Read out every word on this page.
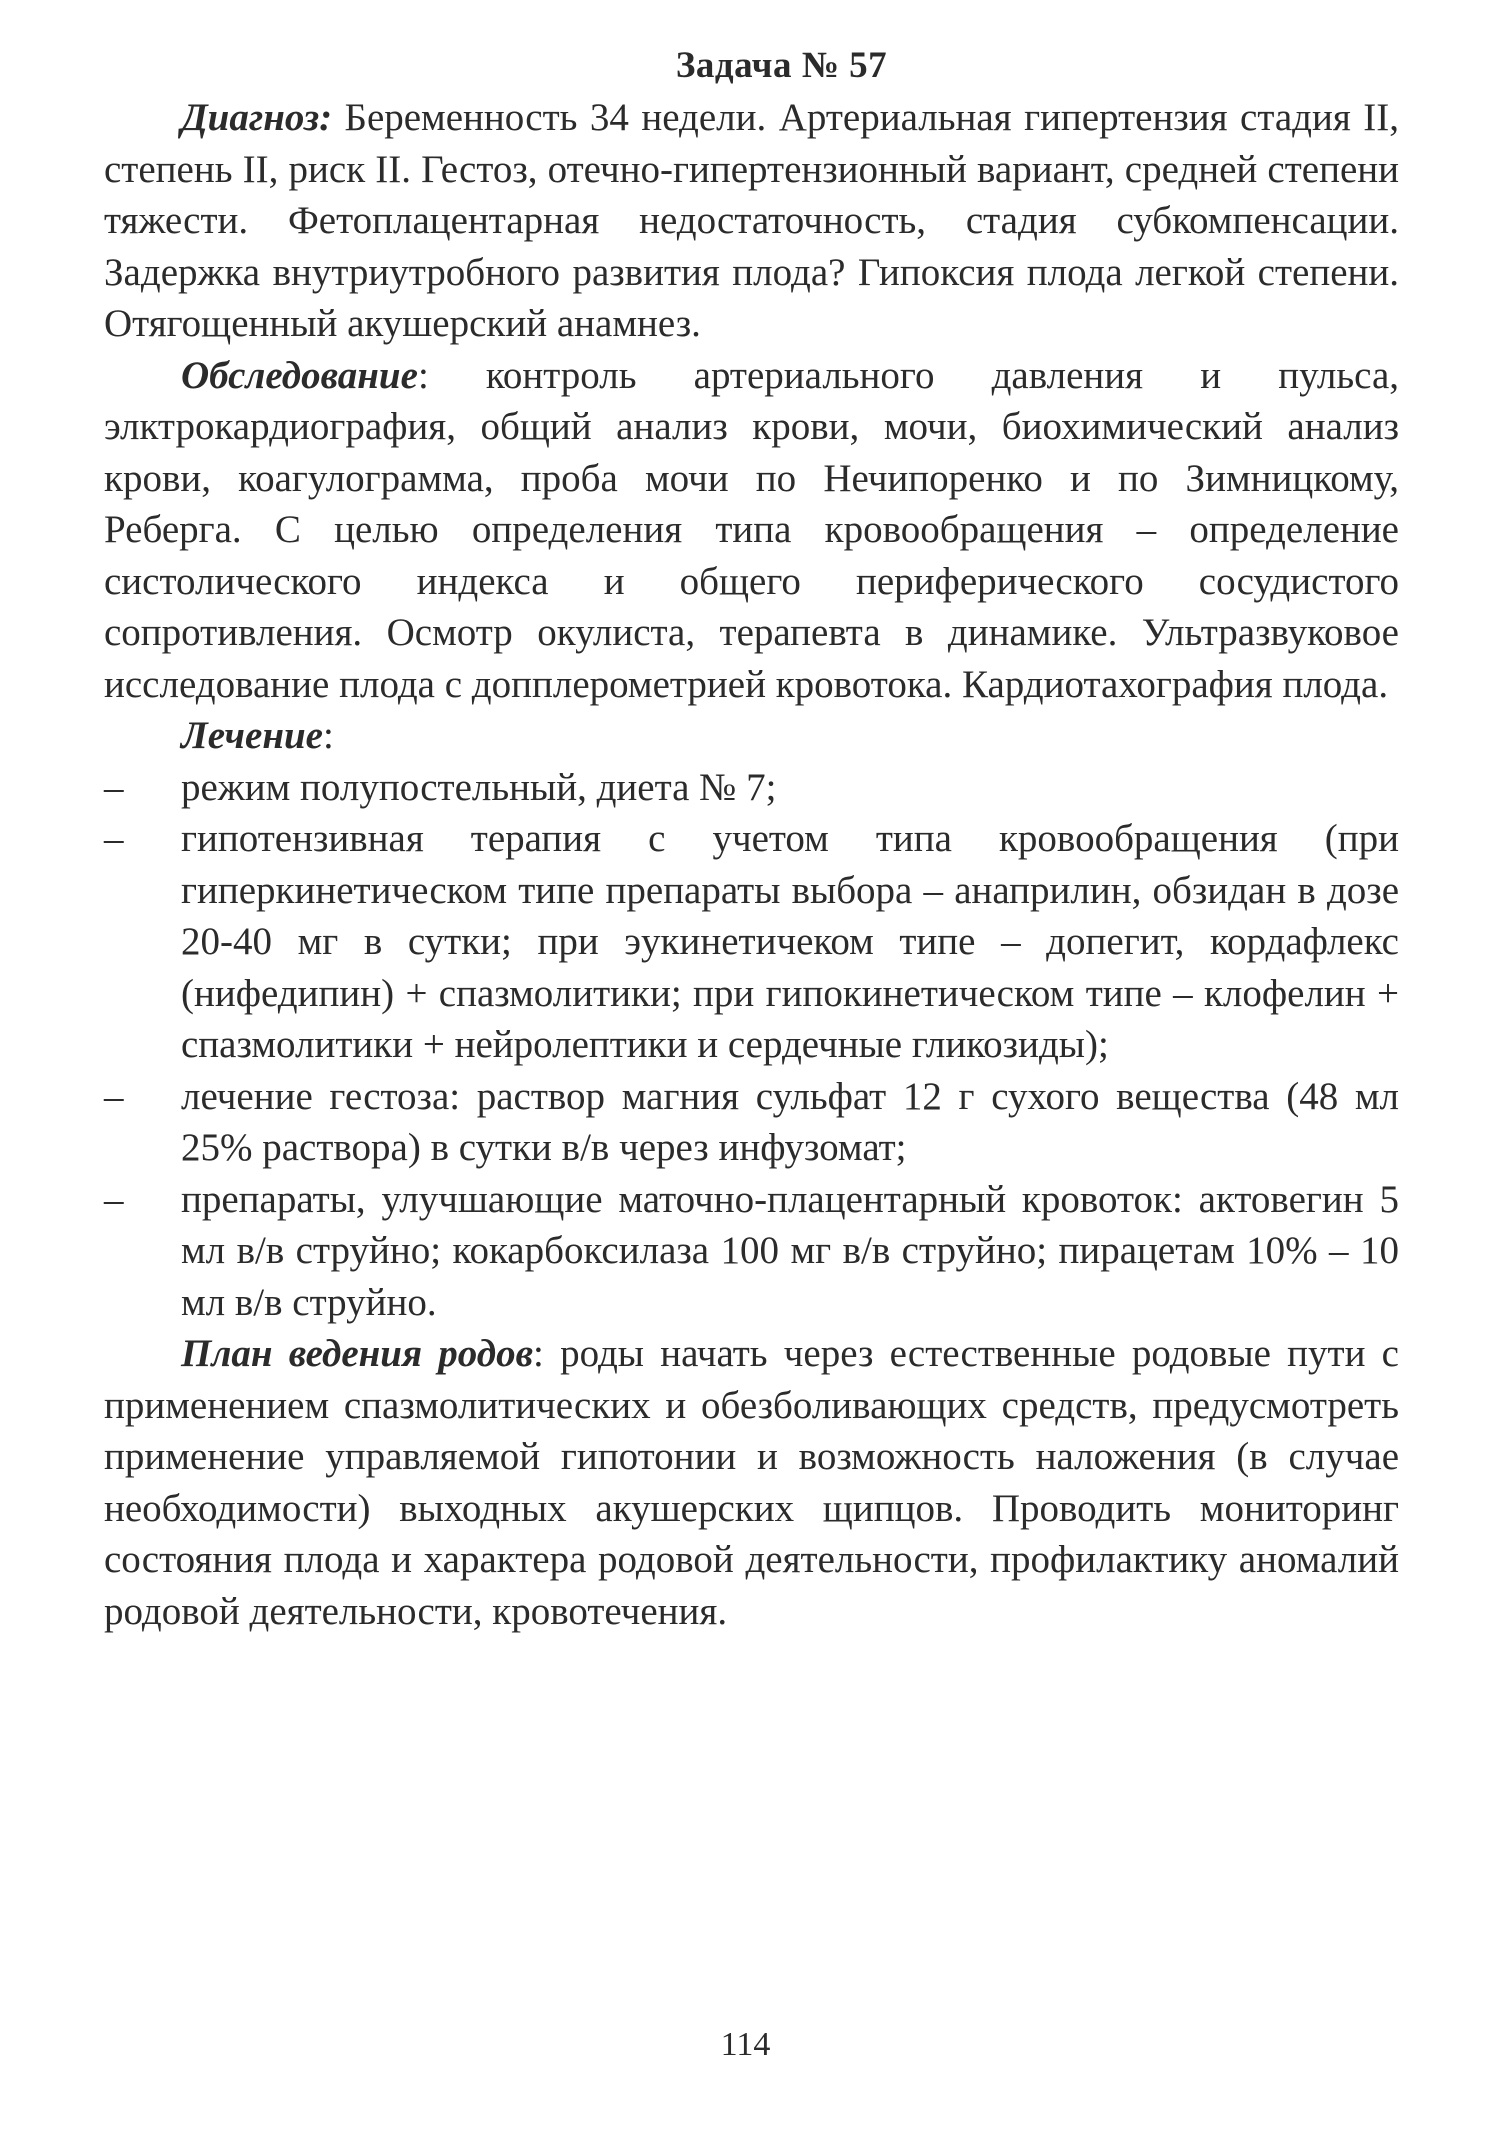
Задача № 57

Диагноз: Беременность 34 недели. Артериальная гипертензия стадия II, степень II, риск II. Гестоз, отечно-гипертензионный вариант, средней степени тяжести. Фетоплацентарная недостаточность, стадия субкомпенсации. Задержка внутриутробного развития плода? Гипоксия плода легкой степени. Отягощенный акушерский анамнез.

Обследование: контроль артериального давления и пульса, элктрокардиография, общий анализ крови, мочи, биохимический анализ крови, коагулограмма, проба мочи по Нечипоренко и по Зимницкому, Реберга. С целью определения типа кровообращения – определение систолического индекса и общего периферического сосудистого сопротивления. Осмотр окулиста, терапевта в динамике. Ультразвуковое исследование плода с допплерометрией кровотока. Кардиотахография плода.

Лечение:

– режим полупостельный, диета № 7;
– гипотензивная терапия с учетом типа кровообращения (при гиперкинетическом типе препараты выбора – анаприлин, обзидан в дозе 20-40 мг в сутки; при эукинетичеком типе – допегит, кордафлекс (нифедипин) + спазмолитики; при гипокинетическом типе – клофелин + спазмолитики + нейролептики и сердечные гликозиды);
– лечение гестоза: раствор магния сульфат 12 г сухого вещества (48 мл 25% раствора) в сутки в/в через инфузомат;
– препараты, улучшающие маточно-плацентарный кровоток: актовегин 5 мл в/в струйно; кокарбоксилаза 100 мг в/в струйно; пирацетам 10% – 10 мл в/в струйно.

План ведения родов: роды начать через естественные родовые пути с применением спазмолитических и обезболивающих средств, предусмотреть применение управляемой гипотонии и возможность наложения (в случае необходимости) выходных акушерских щипцов. Проводить мониторинг состояния плода и характера родовой деятельности, профилактику аномалий родовой деятельности, кровотечения.

114
